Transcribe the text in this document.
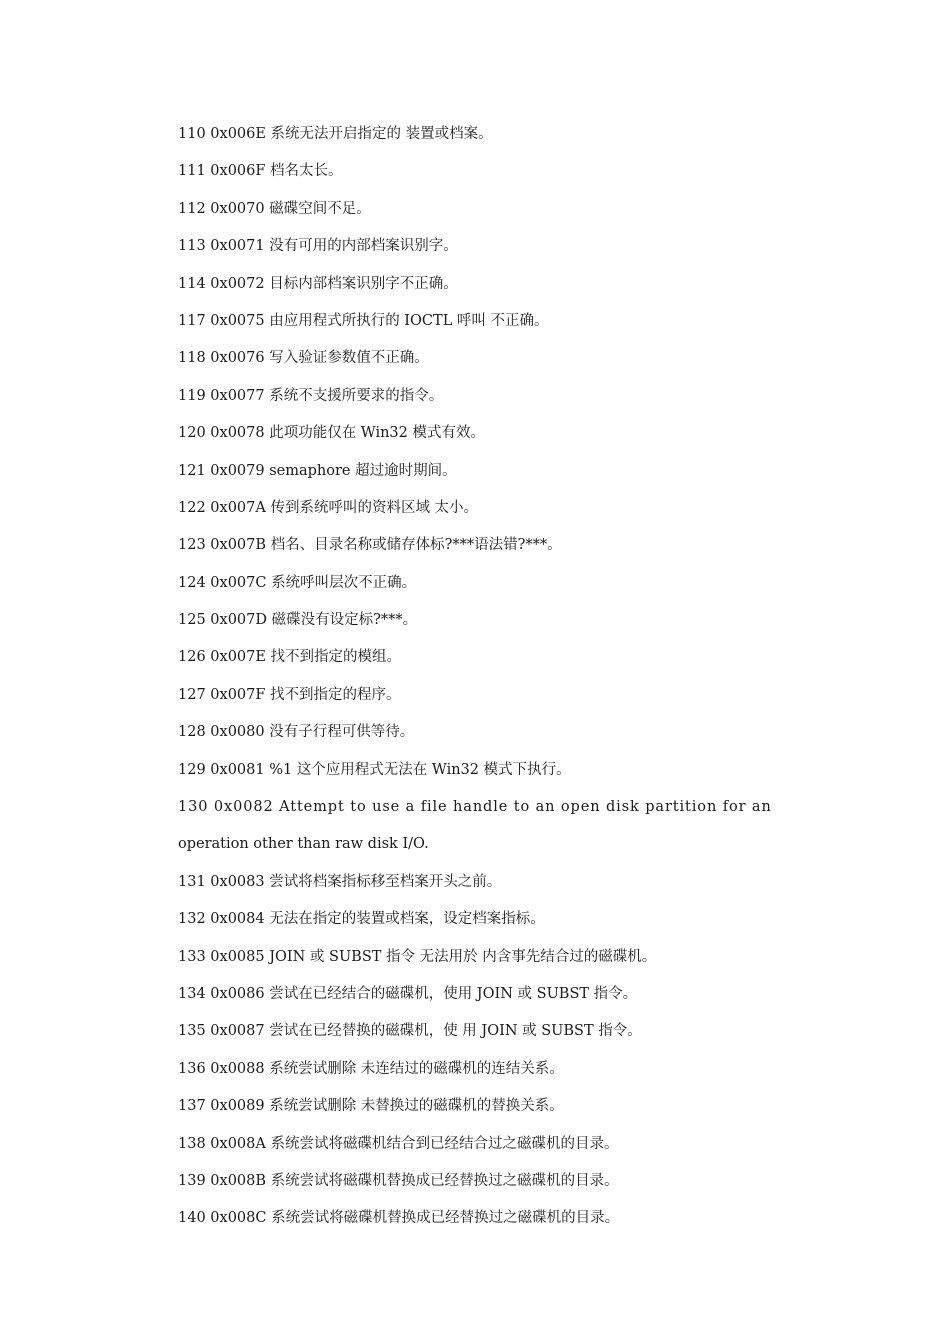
110 0x006E 系统无法开启指定的 装置或档案。
111 0x006F 档名太长。
112 0x0070 磁碟空间不足。
113 0x0071 没有可用的内部档案识别字。
114 0x0072 目标内部档案识别字不正确。
117 0x0075 由应用程式所执行的 IOCTL 呼叫 不正确。
118 0x0076 写入验证参数值不正确。
119 0x0077 系统不支援所要求的指令。
120 0x0078 此项功能仅在 Win32 模式有效。
121 0x0079 semaphore 超过逾时期间。
122 0x007A 传到系统呼叫的资料区域 太小。
123 0x007B 档名、目录名称或储存体标?***语法错?***。
124 0x007C 系统呼叫层次不正确。
125 0x007D 磁碟没有设定标?***。
126 0x007E 找不到指定的模组。
127 0x007F 找不到指定的程序。
128 0x0080 没有子行程可供等待。
129 0x0081 %1 这个应用程式无法在 Win32 模式下执行。
130 0x0082 Attempt to use a file handle to an open disk partition for an
operation other than raw disk I/O.
131 0x0083 尝试将档案指标移至档案开头之前。
132 0x0084 无法在指定的装置或档案，设定档案指标。
133 0x0085 JOIN 或 SUBST 指令 无法用於 内含事先结合过的磁碟机。
134 0x0086 尝试在已经结合的磁碟机，使用 JOIN 或 SUBST 指令。
135 0x0087 尝试在已经替换的磁碟机，使 用 JOIN 或 SUBST 指令。
136 0x0088 系统尝试删除 未连结过的磁碟机的连结关系。
137 0x0089 系统尝试删除 未替换过的磁碟机的替换关系。
138 0x008A 系统尝试将磁碟机结合到已经结合过之磁碟机的目录。
139 0x008B 系统尝试将磁碟机替换成已经替换过之磁碟机的目录。
140 0x008C 系统尝试将磁碟机替换成已经替换过之磁碟机的目录。
